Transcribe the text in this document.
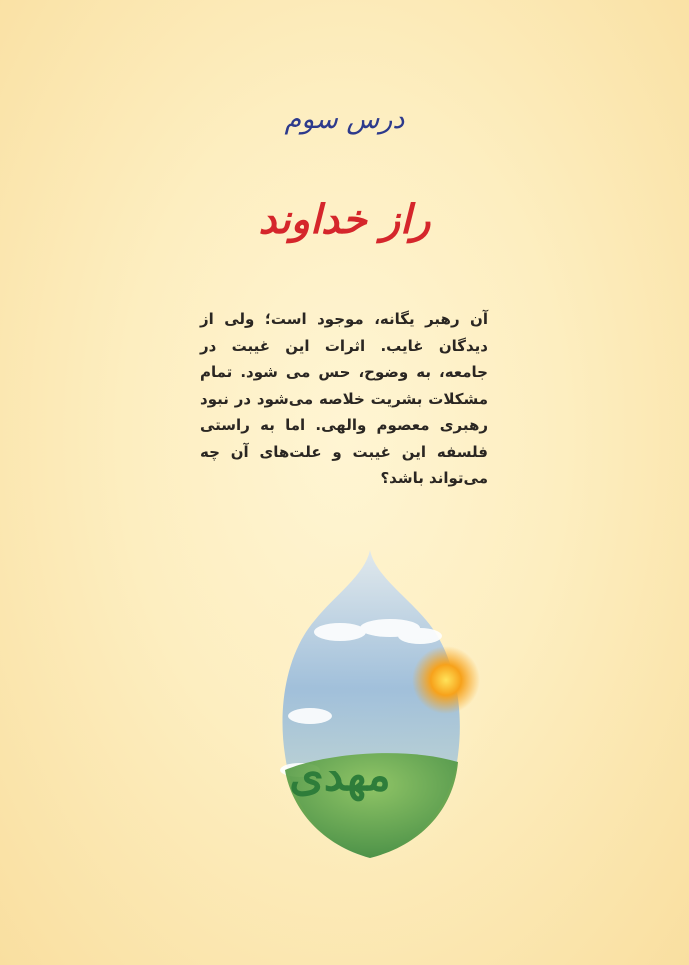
درس سوم
راز خداوند
آن رهبر یگانه، موجود است؛ ولی از دیدگان غایب. اثرات این غیبت در جامعه، به وضوح، حس می شود. تمام مشکلات بشریت خلاصه می‌شود در نبود رهبری معصوم والهی. اما به راستی فلسفه این غیبت و علت‌های آن چه می‌تواند باشد؟
مهدی
